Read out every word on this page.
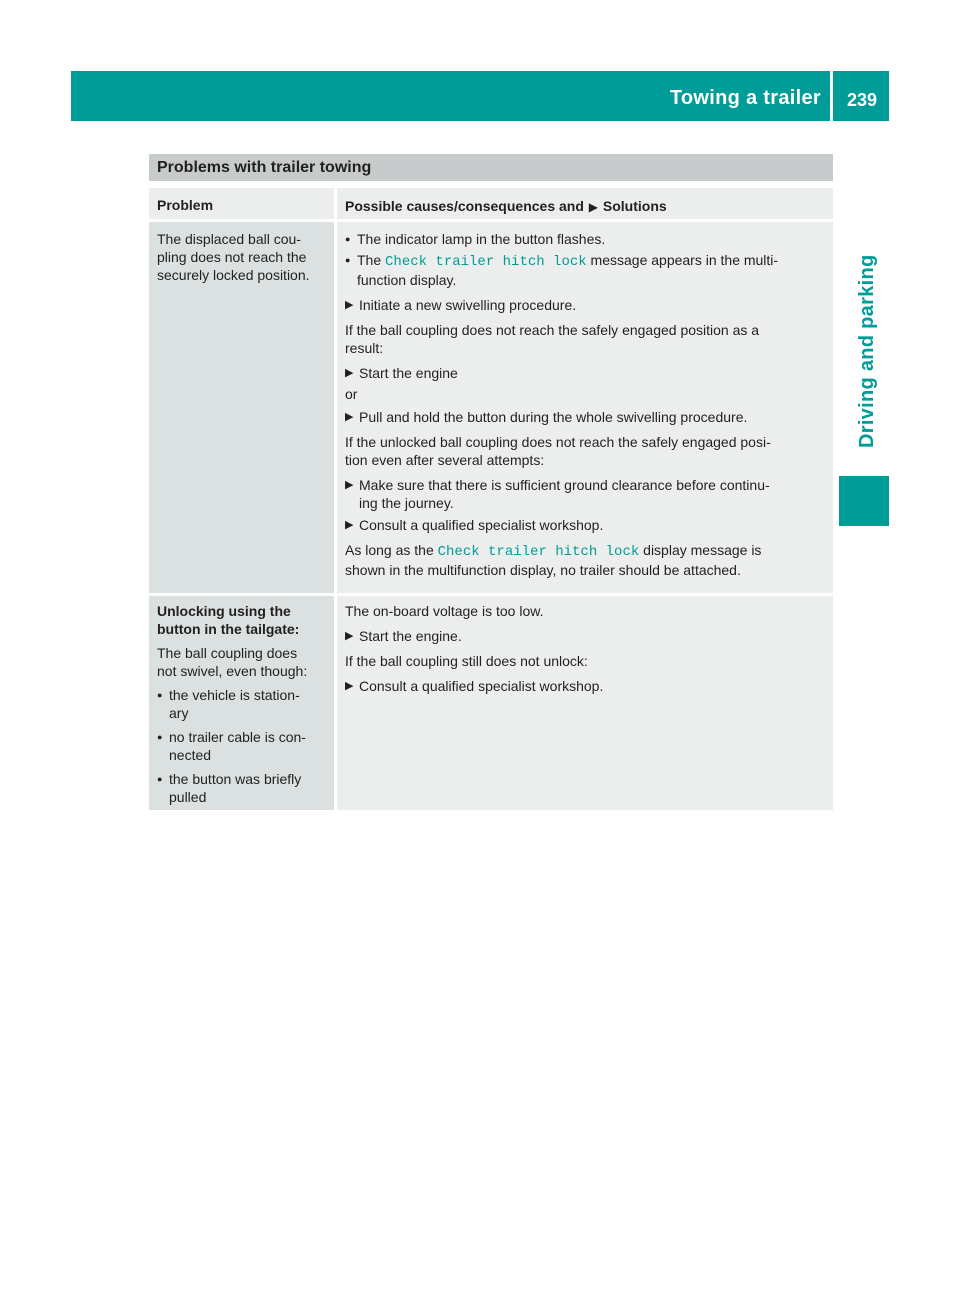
Towing a trailer	239
Driving and parking
Problems with trailer towing
Problem	Possible causes/consequences and ▶ Solutions

The displaced ball cou-

pling does not reach the

securely locked position.

● The indicator lamp in the button flashes.

● The Check trailer hitch lock message appears in the multi-
function display.

▶ Initiate a new swivelling procedure.

If the ball coupling does not reach the safely engaged position as a
result:

▶ Start the engine

or

▶ Pull and hold the button during the whole swivelling procedure.

If the unlocked ball coupling does not reach the safely engaged posi-
tion even after several attempts:

▶ Make sure that there is sufficient ground clearance before continu-
ing the journey.

▶ Consult a qualified specialist workshop.

As long as the Check trailer hitch lock display message is
shown in the multifunction display, no trailer should be attached.

Unlocking using the
button in the tailgate:

The ball coupling does
not swivel, even though:

● the vehicle is station-
ary

● no trailer cable is con-
nected

● the button was briefly
pulled

The on-board voltage is too low.

▶ Start the engine.

If the ball coupling still does not unlock:

▶ Consult a qualified specialist workshop.
